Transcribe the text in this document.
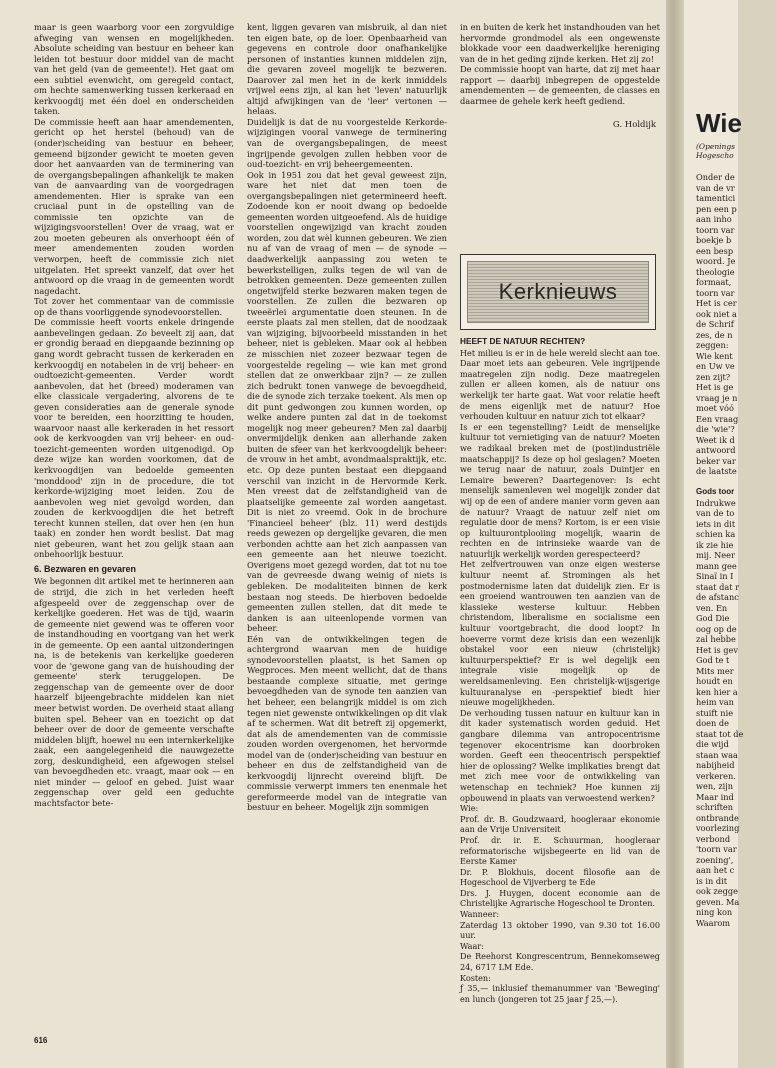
maar is geen waarborg voor een zorgvuldige afweging van wensen en mogelijkheden. Absolute scheiding van bestuur en beheer kan leiden tot bestuur door middel van de macht van het geld (van de gemeente!). Het gaat om een subtiel evenwicht, om geregeld contact, om hechte samenwerking tussen kerkeraad en kerkvoogdij met één doel en onderscheiden taken.

De commissie heeft aan haar amendementen, gericht op het herstel (behoud) van de (onder)scheiding van bestuur en beheer, gemeend bijzonder gewicht te moeten geven door het aanvaarden van de terminering van de overgangsbepalingen afhankelijk te maken van de aanvaarding van de voorgedragen amendementen. Hier is sprake van een cruciaal punt in de opstelling van de commissie ten opzichte van de wijzigingsvoorstellen! Over de vraag, wat er zou moeten gebeuren als onverhoopt één of meer amendementen zouden worden verworpen, heeft de commissie zich niet uitgelaten. Het spreekt vanzelf, dat over het antwoord op die vraag in de gemeenten wordt nagedacht.

Tot zover het commentaar van de commissie op de thans voorliggende synodevoorstellen.

De commissie heeft voorts enkele dringende aanbevelingen gedaan. Zo beveelt zij aan, dat er grondig beraad en diepgaande bezinning op gang wordt gebracht tussen de kerkeraden en kerkvoogdij en notabelen in de vrij beheer- en oudtoezicht-gemeenten. Verder wordt aanbevolen, dat het (breed) moderamen van elke classicale vergadering, alvorens de te geven consideraties aan de generale synode voor te bereiden, een hoorzitting te houden, waarvoor naast alle kerkeraden in het ressort ook de kerkvoogden van vrij beheer- en oud-toezicht-gemeenten worden uitgenodigd. Op deze wijze kan worden voorkomen, dat de kerkvoogdijen van bedoelde gemeenten 'monddood' zijn in de procedure, die tot kerkorde-wijziging moet leiden. Zou de aanbevolen weg niet gevolgd worden, dan zouden de kerkvoogdijen die het betreft terecht kunnen stellen, dat over hen (en hun taak) en zonder hen wordt beslist. Dat mag niet gebeuren, want het zou gelijk staan aan onbehoorlijk bestuur.

6. Bezwaren en gevaren

We begonnen dit artikel met te herinneren aan de strijd, die zich in het verleden heeft afgespeeld over de zeggenschap over de kerkelijke goederen. Het was de tijd, waarin de gemeente niet gewend was te offeren voor de instandhouding en voortgang van het werk in de gemeente. Op een aantal uitzonderingen na, is de betekenis van kerkelijke goederen voor de 'gewone gang van de huishouding der gemeente' sterk teruggelopen. De zeggenschap van de gemeente over de door haarzelf bijeengebrachte middelen kan niet meer betwist worden. De overheid staat allang buiten spel. Beheer van en toezicht op dat beheer over de door de gemeente verschafte middelen blijft, hoewel nu een internkerkelijke zaak, een aangelegenheid die nauwgezette zorg, deskundigheid, een afgewogen stelsel van bevoegdheden etc. vraagt, maar ook — en niet minder — geloof en gebed. Juist waar zeggenschap over geld een geduchte machtsfactor bete-

kent, liggen gevaren van misbruik, al dan niet ten eigen bate, op de loer. Openbaarheid van gegevens en controle door onafhankelijke personen of instanties kunnen middelen zijn, die gevaren zoveel mogelijk te bezweren. Daarover zal men het in de kerk inmiddels vrijwel eens zijn, al kan het 'leven' natuurlijk altijd afwijkingen van de 'leer' vertonen — helaas.

Duidelijk is dat de nu voorgestelde Kerkorde-wijzigingen vooral vanwege de terminering van de overgangsbepalingen, de meest ingrijpende gevolgen zullen hebben voor de oud-toezicht- en vrij beheergemeenten.

Ook in 1951 zou dat het geval geweest zijn, ware het niet dat men toen de overgangsbepalingen niet getermineerd heeft. Zodoende kon er nooit dwang op bedoelde gemeenten worden uitgeoefend. Als de huidige voorstellen ongewijzigd van kracht zouden worden, zou dat wèl kunnen gebeuren. We zien nu af van de vraag of men — de synode — daadwerkelijk aanpassing zou weten te bewerkstelligen, zulks tegen de wil van de betrokken gemeenten. Deze gemeenten zullen ongetwijfeld sterke bezwaren maken tegen de voorstellen. Ze zullen die bezwaren op tweeërlei argumentatie doen steunen. In de eerste plaats zal men stellen, dat de noodzaak van wijziging, bijvoorbeeld misstanden in het beheer, niet is gebleken. Maar ook al hebben ze misschien niet zozeer bezwaar tegen de voorgestelde regeling — wie kan met grond stellen dat ze onwerkbaar zijn? — ze zullen zich bedrukt tonen vanwege de bevoegdheid, die de synode zich terzake toekent. Als men op dit punt gedwongen zou kunnen worden, op welke andere punten zal dat in de toekomst mogelijk nog meer gebeuren? Men zal daarbij onvermijdelijk denken aan allerhande zaken buiten de sfeer van het kerkvoogdelijk beheer: de vrouw in het ambt, avondmaalspraktijk, etc. etc. Op deze punten bestaat een diepgaand verschil van inzicht in de Hervormde Kerk. Men vreest dat de zelfstandigheid van de plaatselijke gemeente zal worden aangetast. Dit is niet zo vreemd. Ook in de brochure 'Financieel beheer' (blz. 11) werd destijds reeds gewezen op dergelijke gevaren, die men verbonden achtte aan het zich aanpassen van een gemeente aan het nieuwe toezicht. Overigens moet gezegd worden, dat tot nu toe van de gevreesde dwang weinig of niets is gebleken. De modaliteiten binnen de kerk bestaan nog steeds. De hierboven bedoelde gemeenten zullen stellen, dat dit mede te danken is aan uiteenlopende vormen van beheer.

Eén van de ontwikkelingen tegen de achtergrond waarvan men de huidige synodevoorstellen plaatst, is het Samen op Wegproces. Men meent wellicht, dat de thans bestaande complexe situatie, met geringe bevoegdheden van de synode ten aanzien van het beheer, een belangrijk middel is om zich tegen niet gewenste ontwikkelingen op dit vlak af te schermen. Wat dit betreft zij opgemerkt, dat als de amendementen van de commissie zouden worden overgenomen, het hervormde model van de (onder)scheiding van bestuur en beheer en dus de zelfstandigheid van de kerkvoogdij lijnrecht overeind blijft. De commissie verwerpt immers ten enenmale het gereformeerde model van de integratie van bestuur en beheer. Mogelijk zijn sommigen

in en buiten de kerk het instandhouden van het hervormde grondmodel als een ongewenste blokkade voor een daadwerkelijke hereniging van de in het geding zijnde kerken. Het zij zo!

De commissie hoopt van harte, dat zij met haar rapport — daarbij inbegrepen de opgestelde amendementen — de gemeenten, de classes en daarmee de gehele kerk heeft gediend.

G. Holdijk

Kerknieuws
HEEFT DE NATUUR RECHTEN?

Het milieu is er in de hele wereld slecht aan toe. Daar moet iets aan gebeuren. Vele ingrijpende maatregelen zijn nodig. Deze maatregelen zullen er alleen komen, als de natuur ons werkelijk ter harte gaat. Wat voor relatie heeft de mens eigenlijk met de natuur? Hoe verhouden kultuur en natuur zich tot elkaar?

Is er een tegenstelling? Leidt de menselijke kultuur tot vernietiging van de natuur? Moeten we radikaal breken met de (post)industriële maatschappij? Is deze op hol geslagen? Moeten we terug naar de natuur, zoals Duintjer en Lemaire beweren? Daartegenover: Is echt menselijk samenleven wel mogelijk zonder dat wij op de een of andere manier vorm geven aan de natuur? Vraagt de natuur zelf niet om regulatie door de mens? Kortom, is er een visie op kultuurontplooiing mogelijk, waarin de rechten en de intrinsieke waarde van de natuurlijk werkelijk worden gerespecteerd?

Het zelfvertrouwen van onze eigen westerse kultuur neemt af. Stromingen als het postmodernisme laten dat duidelijk zien. Er is een groeiend wantrouwen ten aanzien van de klassieke westerse kultuur. Hebben christendom, liberalisme en socialisme een kultuur voortgebracht, die dood loopt? In hoeverre vormt deze krisis dan een wezenlijk obstakel voor een nieuw (christelijk) kultuurperspektief? Er is wel degelijk een integrale visie mogelijk op de wereldsamenleving. Een christelijk-wijsgerige kultuuranalyse en -perspektief biedt hier nieuwe mogelijkheden.

De verhouding tussen natuur en kultuur kan in dit kader systematisch worden geduid. Het gangbare dilemma van antropocentrisme tegenover ekocentrisme kan doorbroken worden. Geeft een theocentrisch perspektief hier de oplossing? Welke implikaties brengt dat met zich mee voor de ontwikkeling van wetenschap en techniek? Hoe kunnen zij opbouwend in plaats van verwoestend werken?

Wie:

Prof. dr. B. Goudzwaard, hoogleraar ekonomie aan de Vrije Universiteit

Prof. dr. ir. E. Schuurman, hoogleraar reformatorische wijsbegeerte en lid van de Eerste Kamer

Dr. P. Blokhuis, docent filosofie aan de Hogeschool de Vijverberg te Ede

Drs. J. Huygen, docent economie aan de Christelijke Agrarische Hogeschool te Dronten.

Wanneer:

Zaterdag 13 oktober 1990, van 9.30 tot 16.00 uur.

Waar:

De Reehorst Kongrescentrum, Bennekomseweg 24, 6717 LM Ede.

Kosten:

ƒ 35,— inklusief themanummer van 'Beweging' en lunch (jongeren tot 25 jaar ƒ 25,—).

616
Wie
(Openings
Hogescho
Onder de
van de vr
tamentici
pen een p
aan inho
toorn var
boekje b
een besp
woord. Je
theologie
formaat,
toorn var
Het is cer
ook niet a
de Schrif
zes, de n
zeggen:
Wie kent
en Uw ve
zen zijt?
Het is ge
vraag je n
moet vóó
Een vraag
die 'wie'?
Weet ik d
antwoord
beker var
de laatste
Gods toor
Indrukwe
van de to
iets in dit
schien ka
ik zie hie
mij. Neer
mann gee
Sinaï in I
staat dat r
de afstanc
ven. En
God Die
oog op de
zal hebbe
Het is gev
God te t
Mits mer
houdt en
ken hier a
heim van
stuift nie
doen de
staat tot de
die wijd
staan waa
nabijheid
verkeren.
wen, zijn
Maar ind
schriften
ontbrande
voorlezing
verbond
'toorn var
zoening',
aan het c
is in dit
ook zegge
geven. Ma
ning kon
Waarom
